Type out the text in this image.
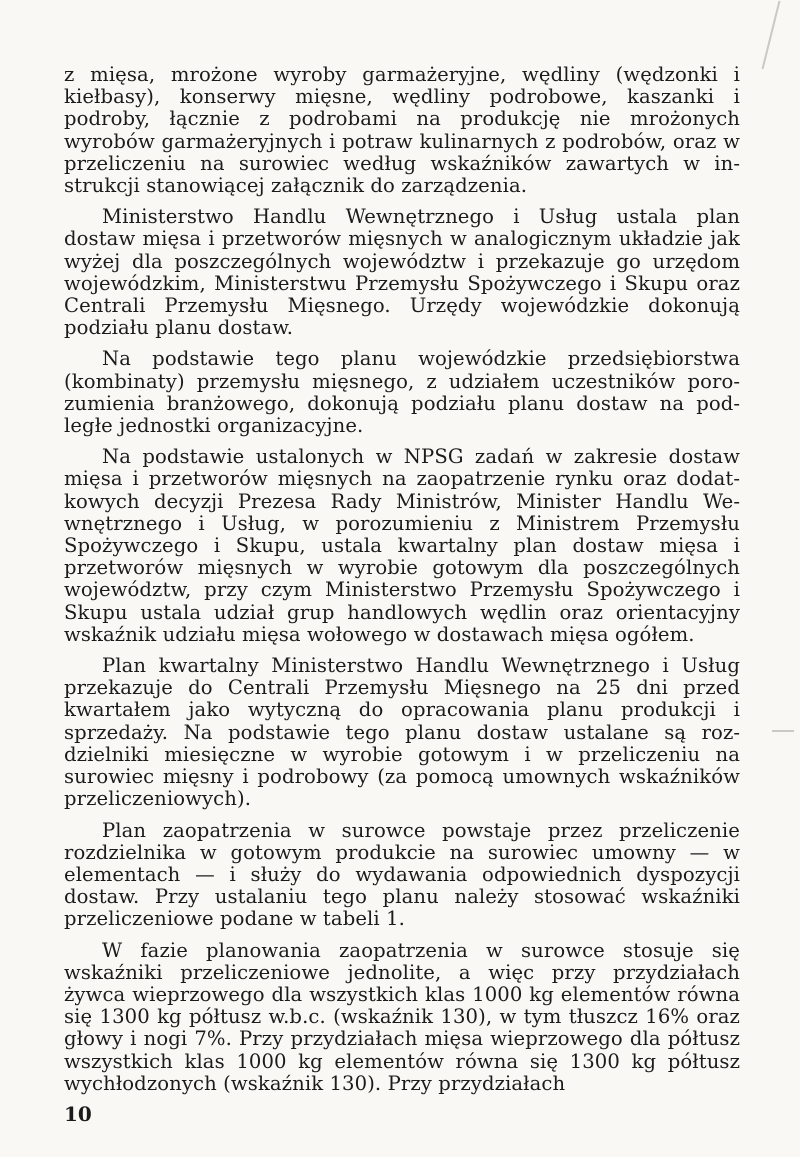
z mięsa, mrożone wyroby garmażeryjne, wędliny (wędzonki i kiełbasy), konserwy mięsne, wędliny podrobowe, kaszanki i podroby, łącznie z podrobami na produkcję nie mrożonych wyrobów garmażeryjnych i potraw kulinarnych z podrobów, oraz w przeliczeniu na surowiec według wskaźników zawartych w instrukcji stanowiącej załącznik do zarządzenia.

Ministerstwo Handlu Wewnętrznego i Usług ustala plan dostaw mięsa i przetworów mięsnych w analogicznym układzie jak wyżej dla poszczególnych województw i przekazuje go urzędom wojewódzkim, Ministerstwu Przemysłu Spożywczego i Skupu oraz Centrali Przemysłu Mięsnego. Urzędy wojewódzkie dokonują podziału planu dostaw.

Na podstawie tego planu wojewódzkie przedsiębiorstwa (kombinaty) przemysłu mięsnego, z udziałem uczestników porozumienia branżowego, dokonują podziału planu dostaw na podległe jednostki organizacyjne.

Na podstawie ustalonych w NPSG zadań w zakresie dostaw mięsa i przetworów mięsnych na zaopatrzenie rynku oraz dodatkowych decyzji Prezesa Rady Ministrów, Minister Handlu Wewnętrznego i Usług, w porozumieniu z Ministrem Przemysłu Spożywczego i Skupu, ustala kwartalny plan dostaw mięsa i przetworów mięsnych w wyrobie gotowym dla poszczególnych województw, przy czym Ministerstwo Przemysłu Spożywczego i Skupu ustala udział grup handlowych wędlin oraz orientacyjny wskaźnik udziału mięsa wołowego w dostawach mięsa ogółem.

Plan kwartalny Ministerstwo Handlu Wewnętrznego i Usług przekazuje do Centrali Przemysłu Mięsnego na 25 dni przed kwartałem jako wytyczną do opracowania planu produkcji i sprzedaży. Na podstawie tego planu dostaw ustalane są rozdzielniki miesięczne w wyrobie gotowym i w przeliczeniu na surowiec mięsny i podrobowy (za pomocą umownych wskaźników przeliczeniowych).

Plan zaopatrzenia w surowce powstaje przez przeliczenie rozdzielnika w gotowym produkcie na surowiec umowny — w elementach — i służy do wydawania odpowiednich dyspozycji dostaw. Przy ustalaniu tego planu należy stosować wskaźniki przeliczeniowe podane w tabeli 1.

W fazie planowania zaopatrzenia w surowce stosuje się wskaźniki przeliczeniowe jednolite, a więc przy przydziałach żywca wieprzowego dla wszystkich klas 1000 kg elementów równa się 1300 kg półtusz w.b.c. (wskaźnik 130), w tym tłuszcz 16% oraz głowy i nogi 7%. Przy przydziałach mięsa wieprzowego dla półtusz wszystkich klas 1000 kg elementów równa się 1300 kg półtusz wychłodzonych (wskaźnik 130). Przy przydziałach

10
